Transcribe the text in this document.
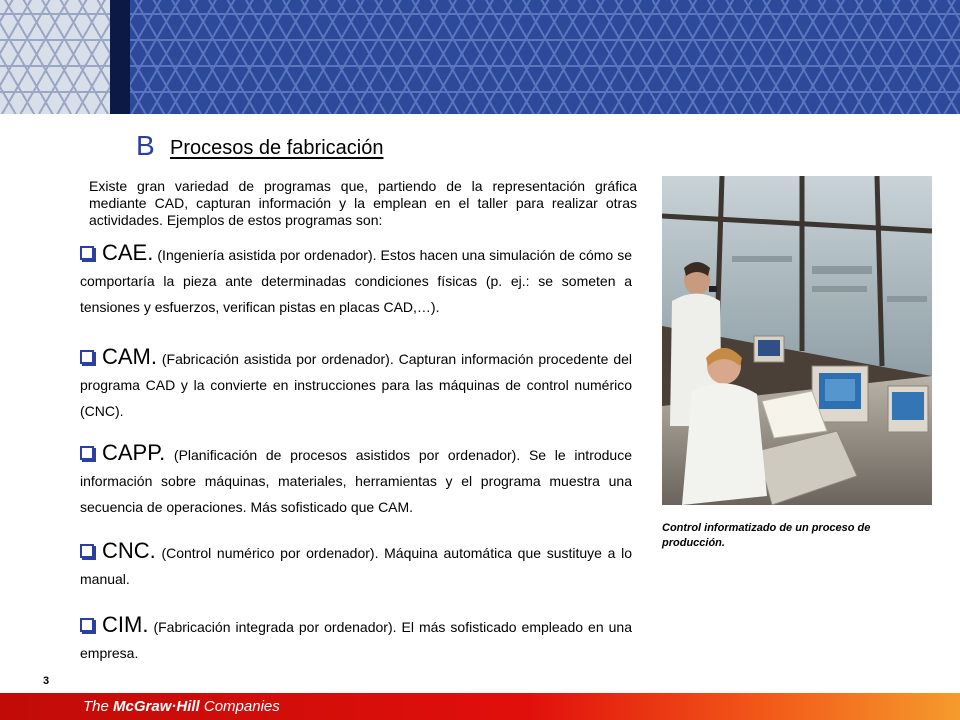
B Procesos de fabricación
Existe gran variedad de programas que, partiendo de la representación gráfica mediante CAD, capturan información y la emplean en el taller para realizar otras actividades. Ejemplos de estos programas son:
CAE. (Ingeniería asistida por ordenador). Estos hacen una simulación de cómo se comportaría la pieza ante determinadas condiciones físicas (p. ej.: se someten a tensiones y esfuerzos, verifican pistas en placas CAD,…).
CAM. (Fabricación asistida por ordenador). Capturan información procedente del programa CAD y la convierte en instrucciones para las máquinas de control numérico (CNC).
CAPP. (Planificación de procesos asistidos por ordenador). Se le introduce información sobre máquinas, materiales, herramientas y el programa muestra una secuencia de operaciones. Más sofisticado que CAM.
CNC. (Control numérico por ordenador). Máquina automática que sustituye a lo manual.
CIM. (Fabricación integrada por ordenador). El más sofisticado empleado en una empresa.
Control informatizado de un proceso de producción.
3
The McGraw·Hill Companies
